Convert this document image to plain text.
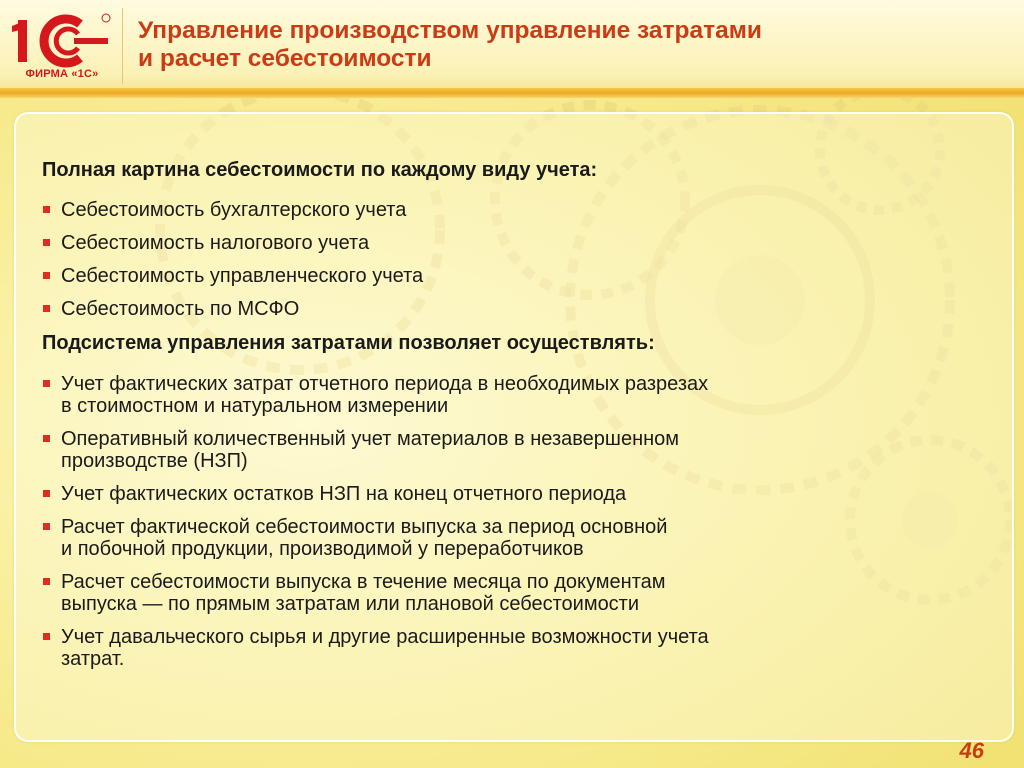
ФИРМА «1С»
Управление производством управление затратами и расчет себестоимости

Полная картина себестоимости по каждому виду учета:

Себестоимость бухгалтерского учета
Себестоимость налогового учета
Себестоимость управленческого учета
Себестоимость по МСФО

Подсистема управления затратами позволяет осуществлять:

Учет фактических затрат отчетного периода в необходимых разрезах
в стоимостном и натуральном измерении
Оперативный количественный учет материалов в незавершенном
производстве (НЗП)
Учет фактических остатков НЗП на конец отчетного периода
Расчет фактической себестоимости выпуска за период основной
и побочной продукции, производимой у переработчиков
Расчет себестоимости выпуска в течение месяца по документам
выпуска — по прямым затратам или плановой себестоимости
Учет давальческого сырья и другие расширенные возможности учета
затрат.
46
